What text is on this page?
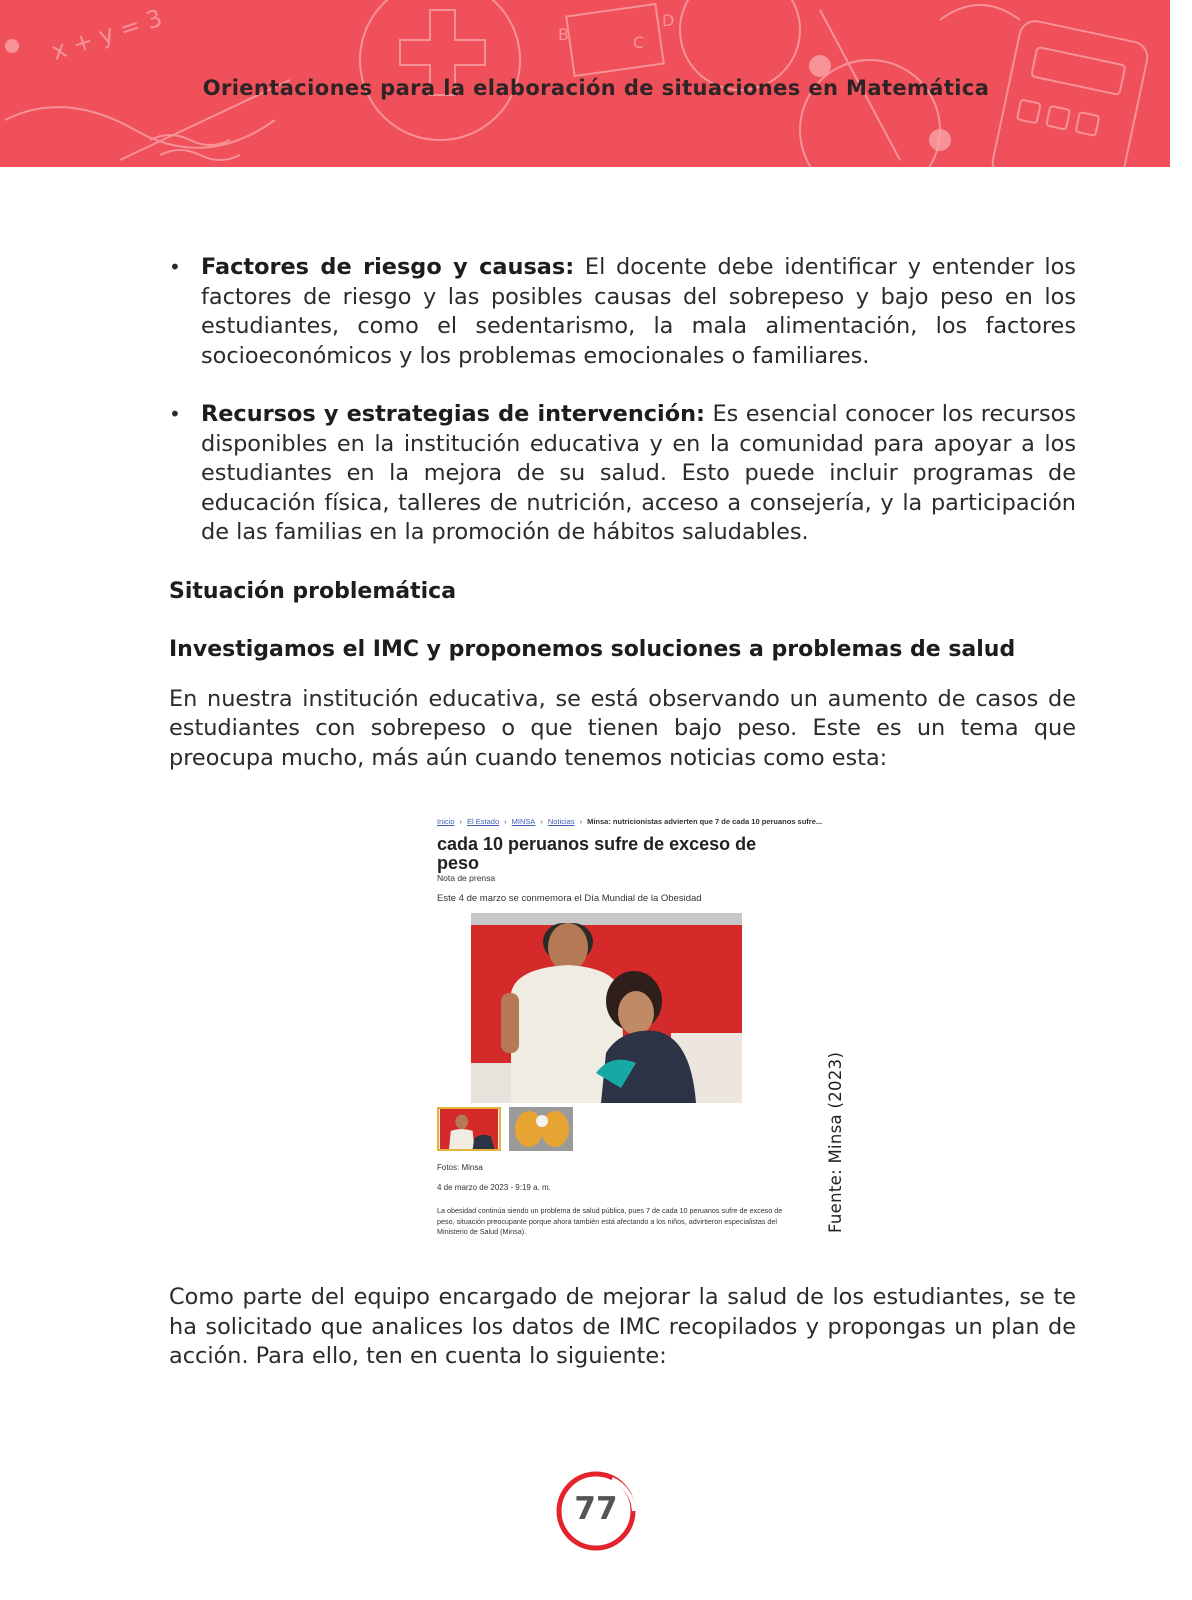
x + y = 3	B	C
D
Orientaciones para la elaboración de situaciones en Matemática
• Factores de riesgo y causas: El docente debe identificar y entender los factores de riesgo y las posibles causas del sobrepeso y bajo peso en los estudiantes, como el sedentarismo, la mala alimentación, los factores socioeconómicos y los problemas emocionales o familiares.
• Recursos y estrategias de intervención: Es esencial conocer los recursos disponibles en la institución educativa y en la comunidad para apoyar a los estudiantes en la mejora de su salud. Esto puede incluir programas de educación física, talleres de nutrición, acceso a consejería, y la participación de las familias en la promoción de hábitos saludables.
Situación problemática
Investigamos el IMC y proponemos soluciones a problemas de salud

En nuestra institución educativa, se está observando un aumento de casos de estudiantes con sobrepeso o que tienen bajo peso. Este es un tema que preocupa mucho, más aún cuando tenemos noticias como esta:

Inicio › El Estado › MINSA › Noticias › Minsa: nutricionistas advierten que 7 de cada 10 peruanos sufre...
cada 10 peruanos sufre de exceso de peso
Nota de prensa
Este 4 de marzo se conmemora el Día Mundial de la Obesidad
Fotos: Minsa
4 de marzo de 2023 - 9:19 a. m.
La obesidad continúa siendo un problema de salud pública, pues 7 de cada 10 peruanos sufre de exceso de peso, situación preocupante porque ahora también está afectando a los niños, advirtieron especialistas del Ministerio de Salud (Minsa).	Fuente: Minsa (2023)

Como parte del equipo encargado de mejorar la salud de los estudiantes, se te ha solicitado que analices los datos de IMC recopilados y propongas un plan de acción. Para ello, ten en cuenta lo siguiente:

77
